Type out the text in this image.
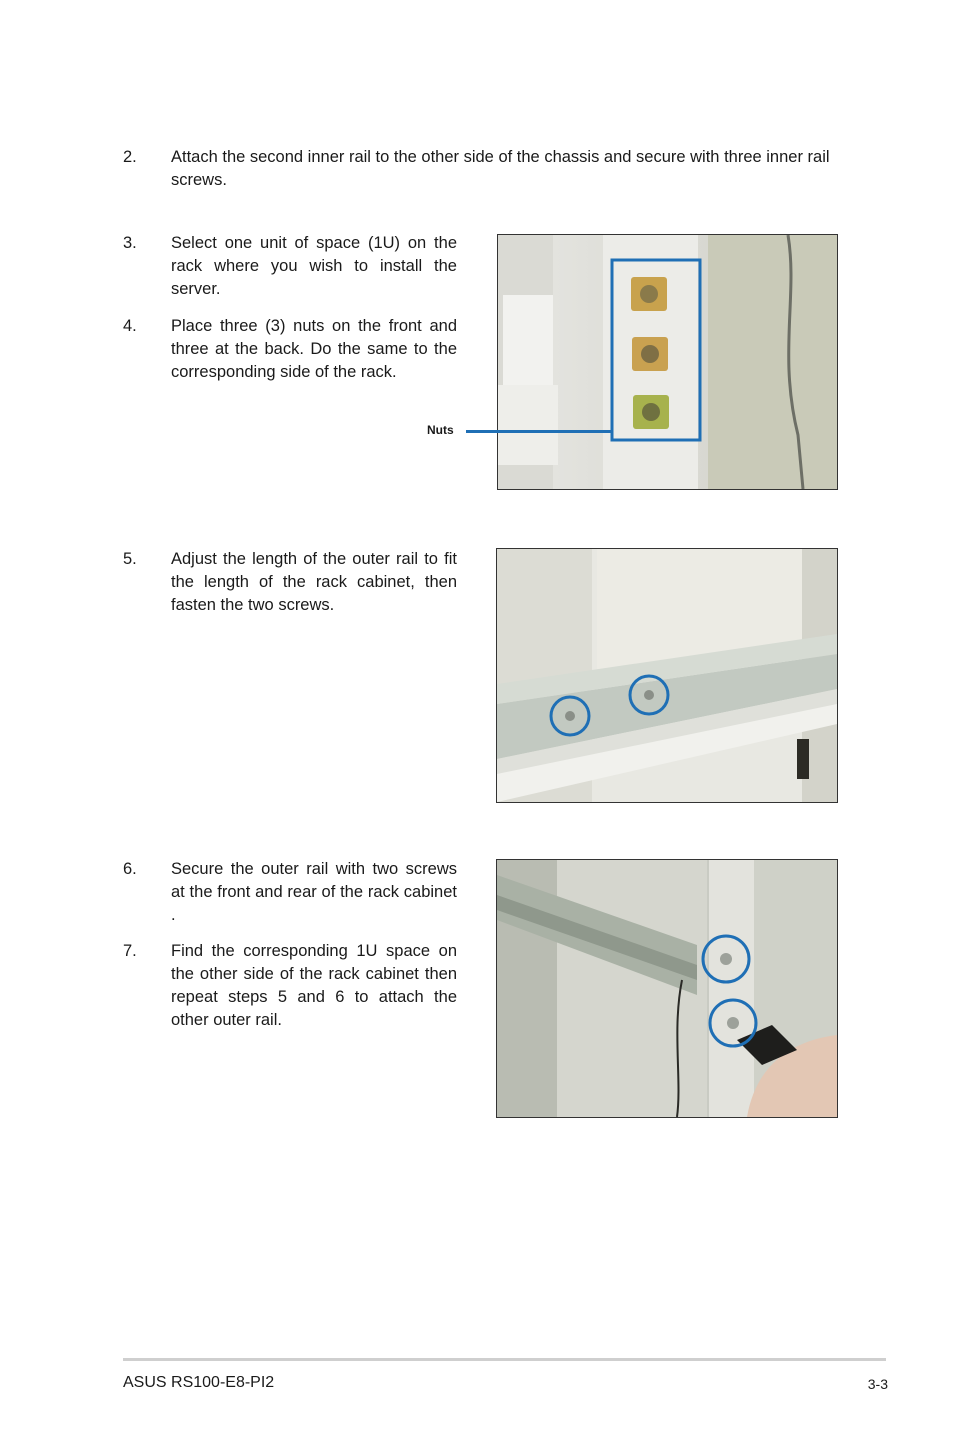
2. Attach the second inner rail to the other side of the chassis and secure with three inner rail screws.
3. Select one unit of space (1U) on the rack where you wish to install the server.
4. Place three (3) nuts on the front and three at the back. Do the same to the corresponding side of the rack.
Nuts
5. Adjust the length of the outer rail to fit the length of the rack cabinet, then fasten the two screws.
6. Secure the outer rail with two screws at the front and rear of the rack cabinet .
7. Find the corresponding 1U space on the other side of the rack cabinet then repeat steps 5 and 6 to attach the other outer rail.
ASUS RS100-E8-PI2	3-3
